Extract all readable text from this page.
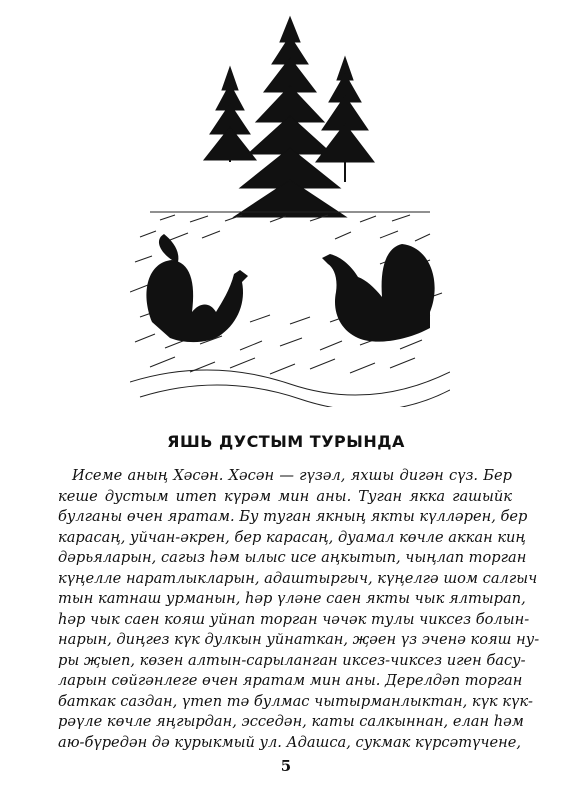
ЯШЬ ДУСТЫМ ТУРЫНДА
Исеме аның Хәсән. Хәсән — гүзәл, яхшы дигән сүз. Бер
кеше дустым итеп күрәм мин аны. Туган якка гашыйк
булганы өчен яратам. Бу туган якның якты күлләрен, бер
карасаң, уйчан-әкрен, бер карасаң, дуамал көчле аккан киң
дәрьяларын, сагыз һәм ылыс исе аңкытып, чыңлап торган
күңелле наратлыкларын, адаштыргыч, күңелгә шом салгыч
тын катнаш урманын, һәр үләне саен якты чык ялтырап,
һәр чык саен кояш уйнап торган чәчәк тулы чиксез болын-
нарын, диңгез күк дулкын уйнаткан, җәен үз эченә кояш ну-
ры җыеп, көзен алтын-сарыланган иксез-чиксез иген басу-
ларын сөйгәнлеге өчен яратам мин аны. Дерелдәп торган
баткак саздан, үтеп тә булмас чытырманлыктан, күк күк-
рәүле көчле яңгырдан, эсседән, каты салкыннан, елан һәм
аю-бүредән дә курыкмый ул. Адашса, сукмак күрсәтүчене,
5
